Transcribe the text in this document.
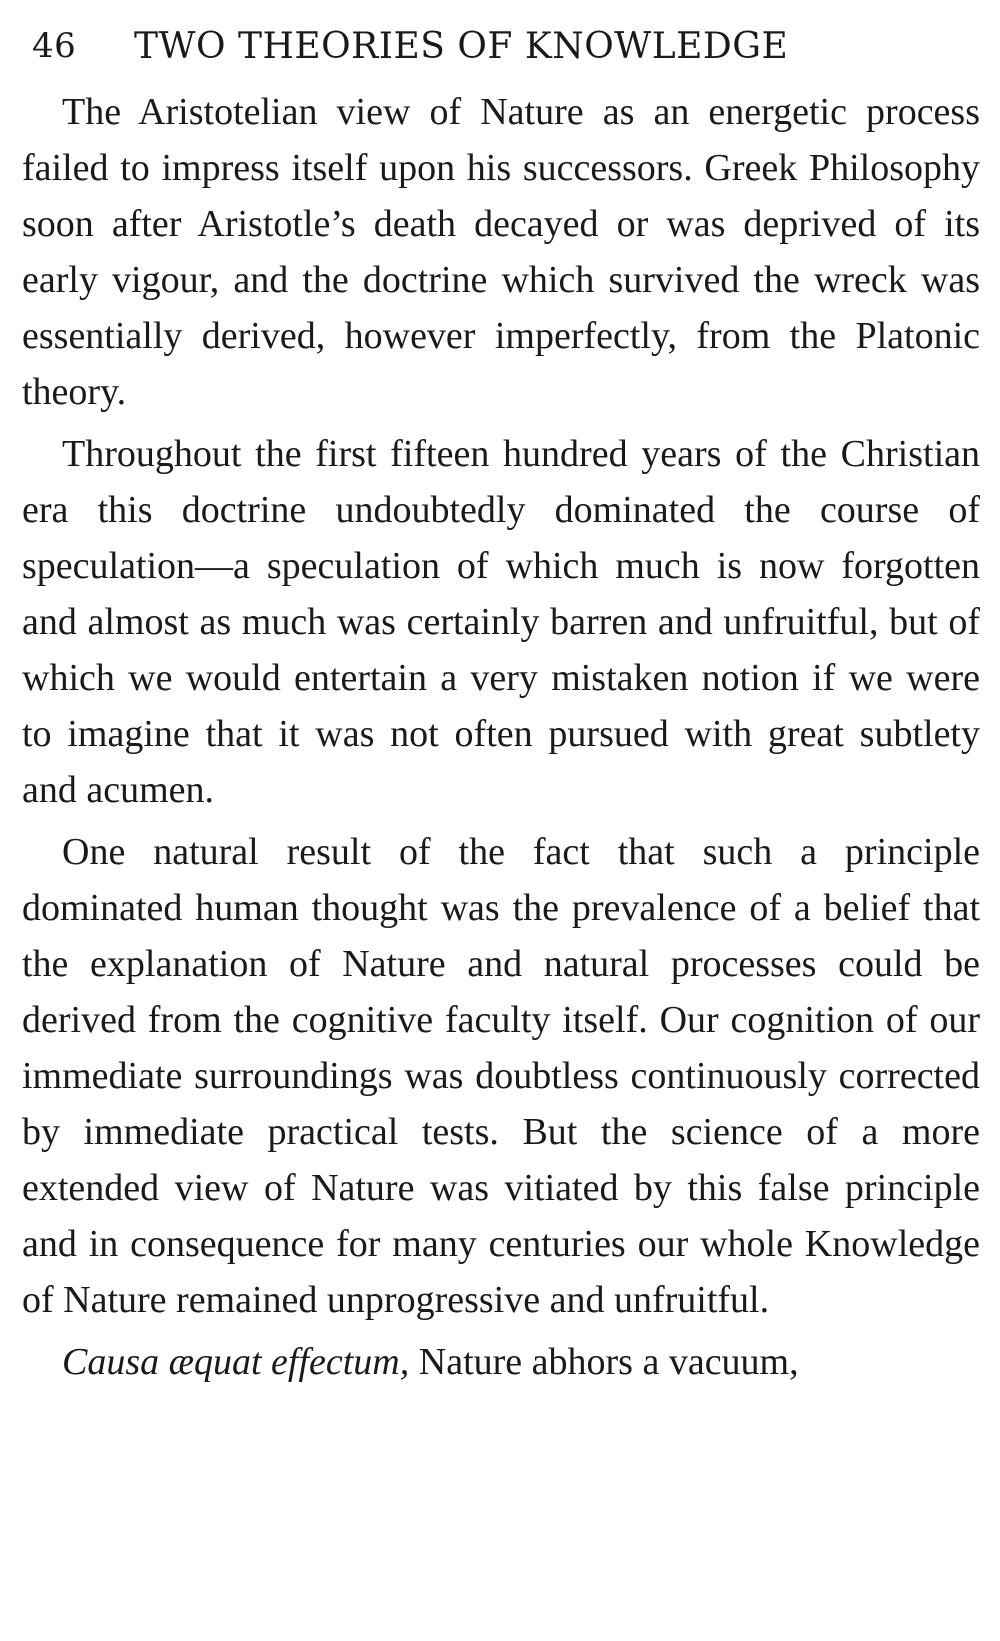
46 TWO THEORIES OF KNOWLEDGE

The Aristotelian view of Nature as an energetic process failed to impress itself upon his successors. Greek Philosophy soon after Aristotle’s death decayed or was deprived of its early vigour, and the doctrine which survived the wreck was essentially derived, however imperfectly, from the Platonic theory.

Throughout the first fifteen hundred years of the Christian era this doctrine undoubtedly dominated the course of speculation—a speculation of which much is now forgotten and almost as much was certainly barren and unfruitful, but of which we would entertain a very mistaken notion if we were to imagine that it was not often pursued with great subtlety and acumen.

One natural result of the fact that such a principle dominated human thought was the prevalence of a belief that the explanation of Nature and natural processes could be derived from the cognitive faculty itself. Our cognition of our immediate surroundings was doubtless continuously corrected by immediate practical tests. But the science of a more extended view of Nature was vitiated by this false principle and in consequence for many centuries our whole Knowledge of Nature remained unprogressive and unfruitful.

Causa æquat effectum, Nature abhors a vacuum,
